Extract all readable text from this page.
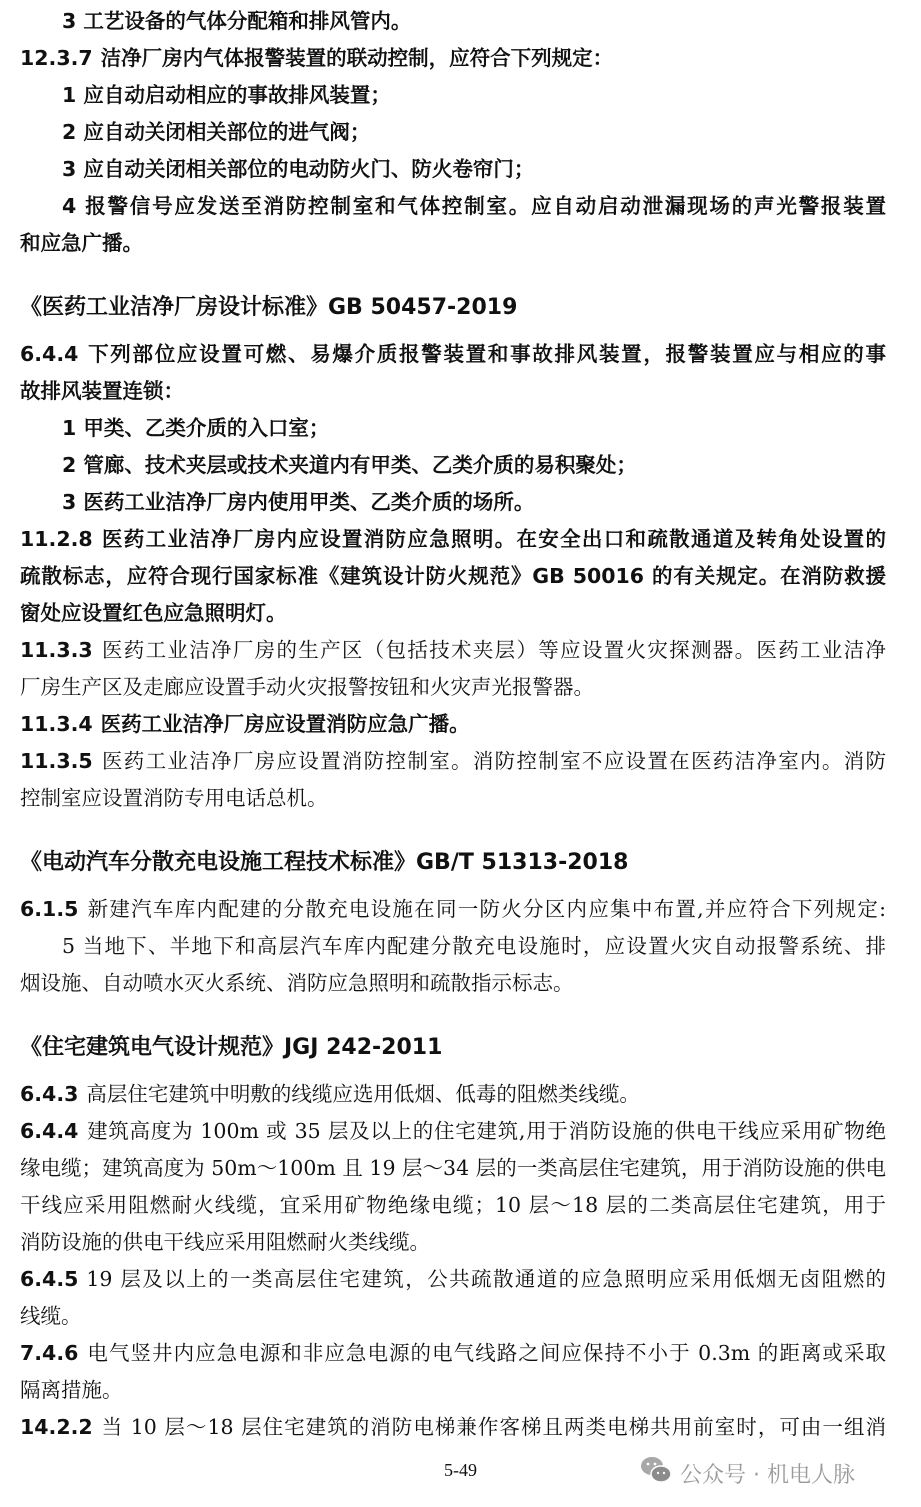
3 工艺设备的气体分配箱和排风管内。
12.3.7 洁净厂房内气体报警装置的联动控制，应符合下列规定：
1 应自动启动相应的事故排风装置；
2 应自动关闭相关部位的进气阀；
3 应自动关闭相关部位的电动防火门、防火卷帘门；
4 报警信号应发送至消防控制室和气体控制室。应自动启动泄漏现场的声光警报装置
和应急广播。
《医药工业洁净厂房设计标准》GB 50457-2019
6.4.4 下列部位应设置可燃、易爆介质报警装置和事故排风装置，报警装置应与相应的事
故排风装置连锁：
1 甲类、乙类介质的入口室；
2 管廊、技术夹层或技术夹道内有甲类、乙类介质的易积聚处；
3 医药工业洁净厂房内使用甲类、乙类介质的场所。
11.2.8 医药工业洁净厂房内应设置消防应急照明。在安全出口和疏散通道及转角处设置的
疏散标志，应符合现行国家标准《建筑设计防火规范》GB 50016 的有关规定。在消防救援
窗处应设置红色应急照明灯。
11.3.3 医药工业洁净厂房的生产区（包括技术夹层）等应设置火灾探测器。医药工业洁净
厂房生产区及走廊应设置手动火灾报警按钮和火灾声光报警器。
11.3.4 医药工业洁净厂房应设置消防应急广播。
11.3.5 医药工业洁净厂房应设置消防控制室。消防控制室不应设置在医药洁净室内。消防
控制室应设置消防专用电话总机。
《电动汽车分散充电设施工程技术标准》GB/T 51313-2018
6.1.5 新建汽车库内配建的分散充电设施在同一防火分区内应集中布置,并应符合下列规定:
5 当地下、半地下和高层汽车库内配建分散充电设施时，应设置火灾自动报警系统、排
烟设施、自动喷水灭火系统、消防应急照明和疏散指示标志。
《住宅建筑电气设计规范》JGJ 242-2011
6.4.3 高层住宅建筑中明敷的线缆应选用低烟、低毒的阻燃类线缆。
6.4.4 建筑高度为 100m 或 35 层及以上的住宅建筑,用于消防设施的供电干线应采用矿物绝
缘电缆；建筑高度为 50m～100m 且 19 层～34 层的一类高层住宅建筑，用于消防设施的供电
干线应采用阻燃耐火线缆，宜采用矿物绝缘电缆；10 层～18 层的二类高层住宅建筑，用于
消防设施的供电干线应采用阻燃耐火类线缆。
6.4.5 19 层及以上的一类高层住宅建筑，公共疏散通道的应急照明应采用低烟无卤阻燃的
线缆。
7.4.6 电气竖井内应急电源和非应急电源的电气线路之间应保持不小于 0.3m 的距离或采取
隔离措施。
14.2.2 当 10 层～18 层住宅建筑的消防电梯兼作客梯且两类电梯共用前室时，可由一组消
5-49	公众号 · 机电人脉
